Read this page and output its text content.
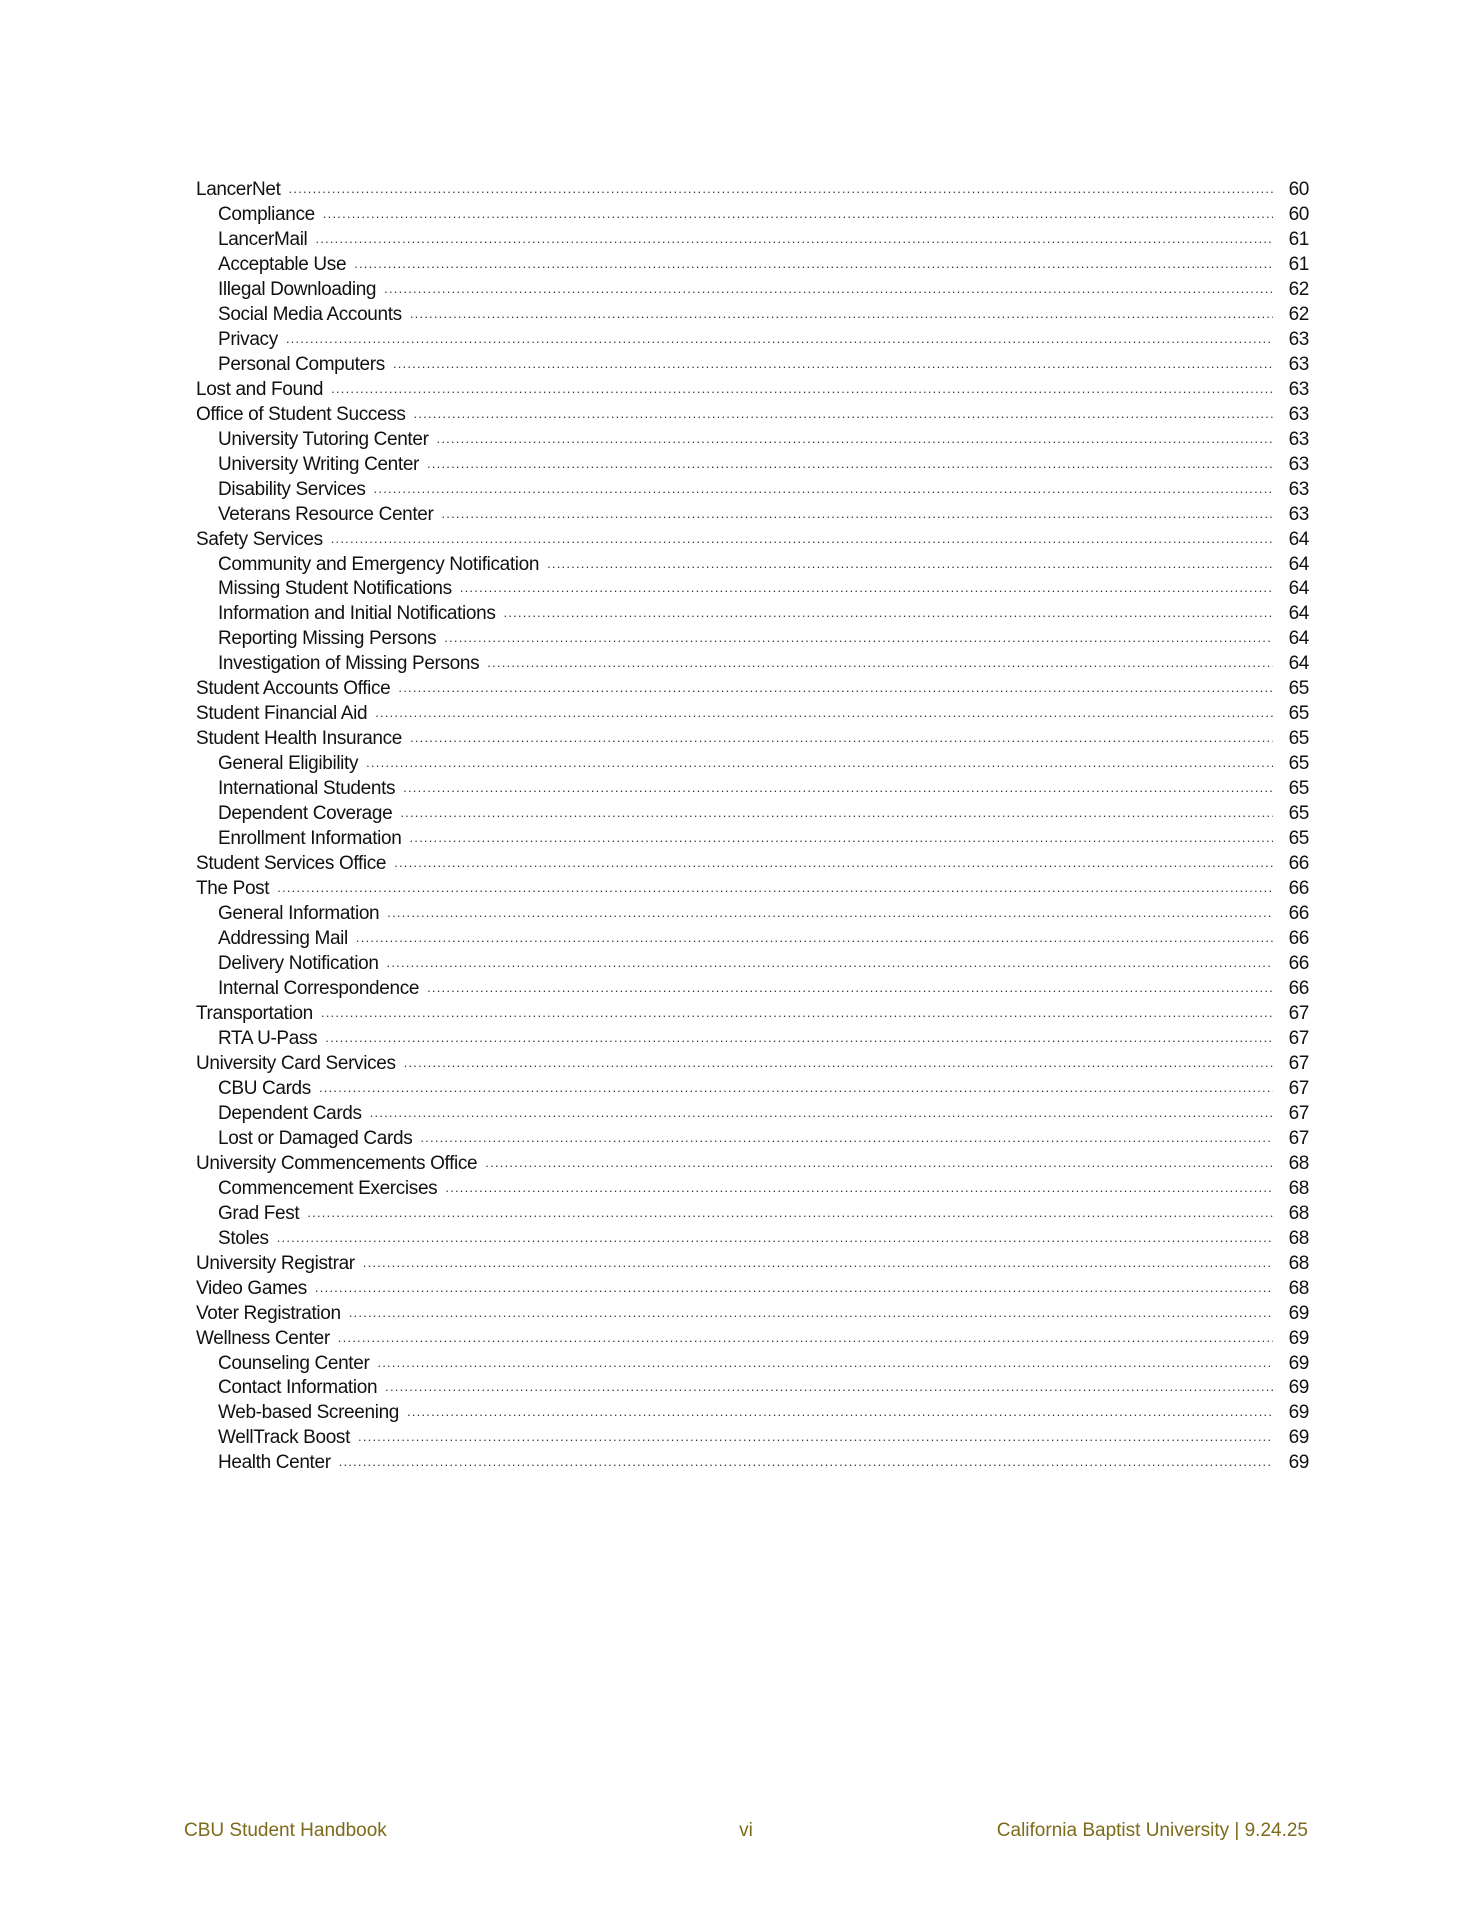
LancerNet .....	60
Compliance .....	60
LancerMail .....	61
Acceptable Use .....	61
Illegal Downloading .....	62
Social Media Accounts .....	62
Privacy .....	63
Personal Computers .....	63
Lost and Found .....	63
Office of Student Success .....	63
University Tutoring Center .....	63
University Writing Center .....	63
Disability Services .....	63
Veterans Resource Center .....	63
Safety Services .....	64
Community and Emergency Notification .....	64
Missing Student Notifications .....	64
Information and Initial Notifications .....	64
Reporting Missing Persons .....	64
Investigation of Missing Persons .....	64
Student Accounts Office .....	65
Student Financial Aid .....	65
Student Health Insurance .....	65
General Eligibility .....	65
International Students .....	65
Dependent Coverage .....	65
Enrollment Information .....	65
Student Services Office .....	66
The Post .....	66
General Information .....	66
Addressing Mail .....	66
Delivery Notification .....	66
Internal Correspondence .....	66
Transportation .....	67
RTA U-Pass .....	67
University Card Services .....	67
CBU Cards .....	67
Dependent Cards .....	67
Lost or Damaged Cards .....	67
University Commencements Office .....	68
Commencement Exercises .....	68
Grad Fest .....	68
Stoles .....	68
University Registrar .....	68
Video Games .....	68
Voter Registration .....	69
Wellness Center .....	69
Counseling Center .....	69
Contact Information .....	69
Web-based Screening .....	69
WellTrack Boost .....	69
Health Center .....	69
CBU Student Handbook	vi	California Baptist University | 9.24.25
